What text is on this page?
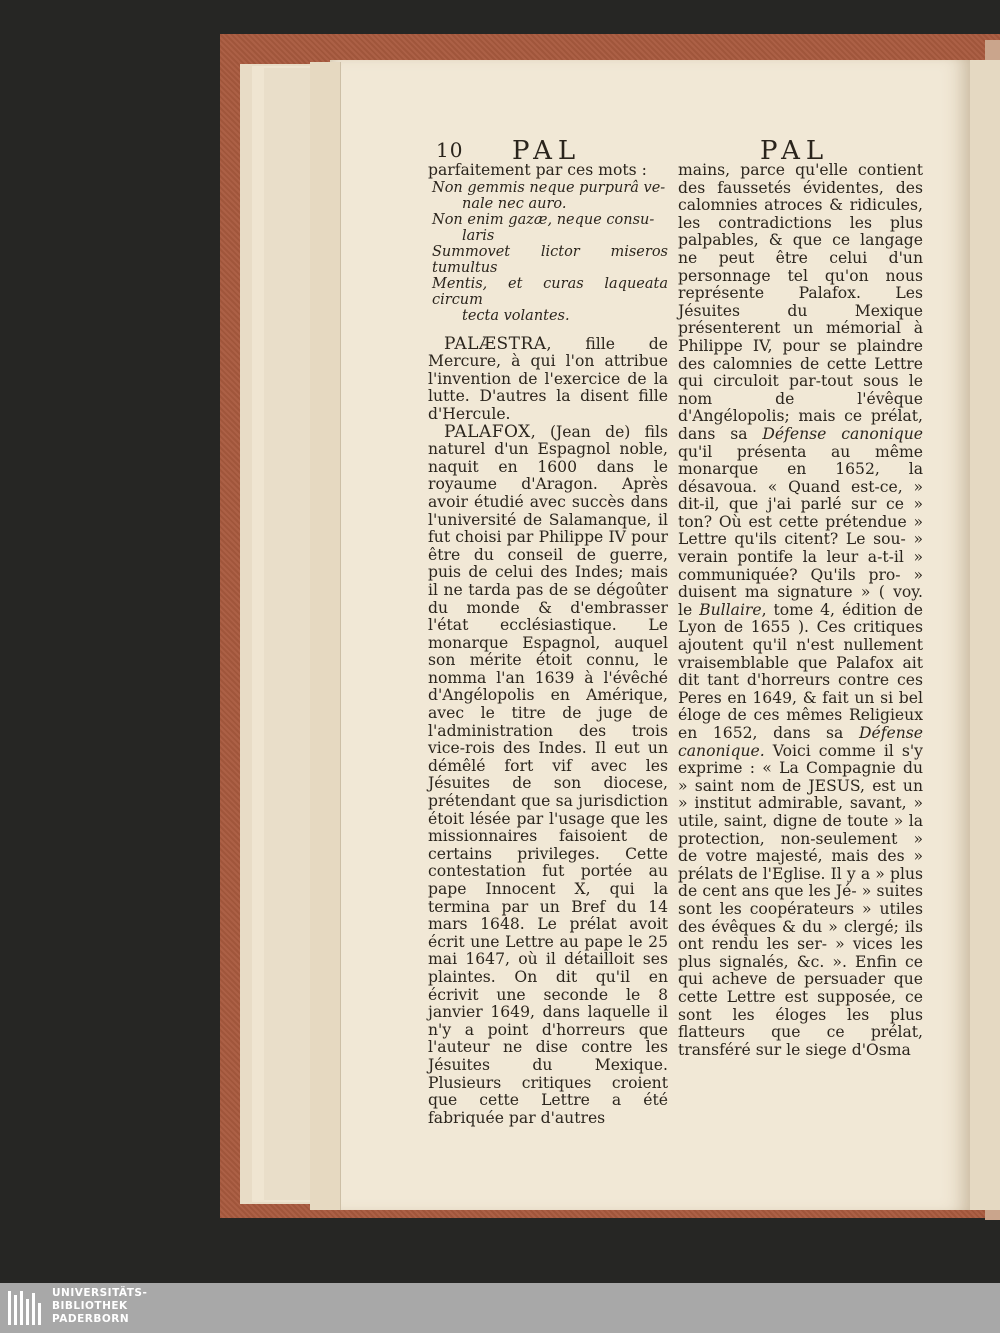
10 PAL	PAL

parfaitement par ces mots :

Non gemmis neque purpurâ ve-
nale nec auro.
Non enim gazæ, neque consu-
laris
Summovet lictor miseros tumultus
Mentis, et curas laqueata circum
tecta volantes.

PALÆSTRA, fille de Mercure, à qui l'on attribue l'invention de l'exercice de la lutte. D'autres la disent fille d'Hercule.

PALAFOX, (Jean de) fils naturel d'un Espagnol noble, naquit en 1600 dans le royaume d'Aragon. Après avoir étudié avec succès dans l'université de Salamanque, il fut choisi par Philippe IV pour être du conseil de guerre, puis de celui des Indes; mais il ne tarda pas de se dégoûter du monde & d'embrasser l'état ecclésiastique. Le monarque Espagnol, auquel son mérite étoit connu, le nomma l'an 1639 à l'évêché d'Angélopolis en Amérique, avec le titre de juge de l'administration des trois vice-rois des Indes. Il eut un démêlé fort vif avec les Jésuites de son diocese, prétendant que sa jurisdiction étoit lésée par l'usage que les missionnaires faisoient de certains privileges. Cette contestation fut portée au pape Innocent X, qui la termina par un Bref du 14 mars 1648. Le prélat avoit écrit une Lettre au pape le 25 mai 1647, où il détailloit ses plaintes. On dit qu'il en écrivit une seconde le 8 janvier 1649, dans laquelle il n'y a point d'horreurs que l'auteur ne dise contre les Jésuites du Mexique. Plusieurs critiques croient que cette Lettre a été fabriquée par d'autres

mains, parce qu'elle contient des faussetés évidentes, des calomnies atroces & ridicules, les contradictions les plus palpables, & que ce langage ne peut être celui d'un personnage tel qu'on nous représente Palafox. Les Jésuites du Mexique présenterent un mémorial à Philippe IV, pour se plaindre des calomnies de cette Lettre qui circuloit par-tout sous le nom de l'évêque d'Angélopolis; mais ce prélat, dans sa Défense canonique qu'il présenta au même monarque en 1652, la désavoua. « Quand est-ce, » dit-il, que j'ai parlé sur ce » ton? Où est cette prétendue » Lettre qu'ils citent? Le sou- » verain pontife la leur a-t-il » communiquée? Qu'ils pro- » duisent ma signature » ( voy. le Bullaire, tome 4, édition de Lyon de 1655 ). Ces critiques ajoutent qu'il n'est nullement vraisemblable que Palafox ait dit tant d'horreurs contre ces Peres en 1649, & fait un si bel éloge de ces mêmes Religieux en 1652, dans sa Défense canonique. Voici comme il s'y exprime : « La Compagnie du » saint nom de JESUS, est un » institut admirable, savant, » utile, saint, digne de toute » la protection, non-seulement » de votre majesté, mais des » prélats de l'Eglise. Il y a » plus de cent ans que les Jé- » suites sont les coopérateurs » utiles des évêques & du » clergé; ils ont rendu les ser- » vices les plus signalés, &c. ». Enfin ce qui acheve de persuader que cette Lettre est supposée, ce sont les éloges les plus flatteurs que ce prélat, transféré sur le siege d'Osma

UNIVERSITÄTS-
BIBLIOTHEK
PADERBORN
